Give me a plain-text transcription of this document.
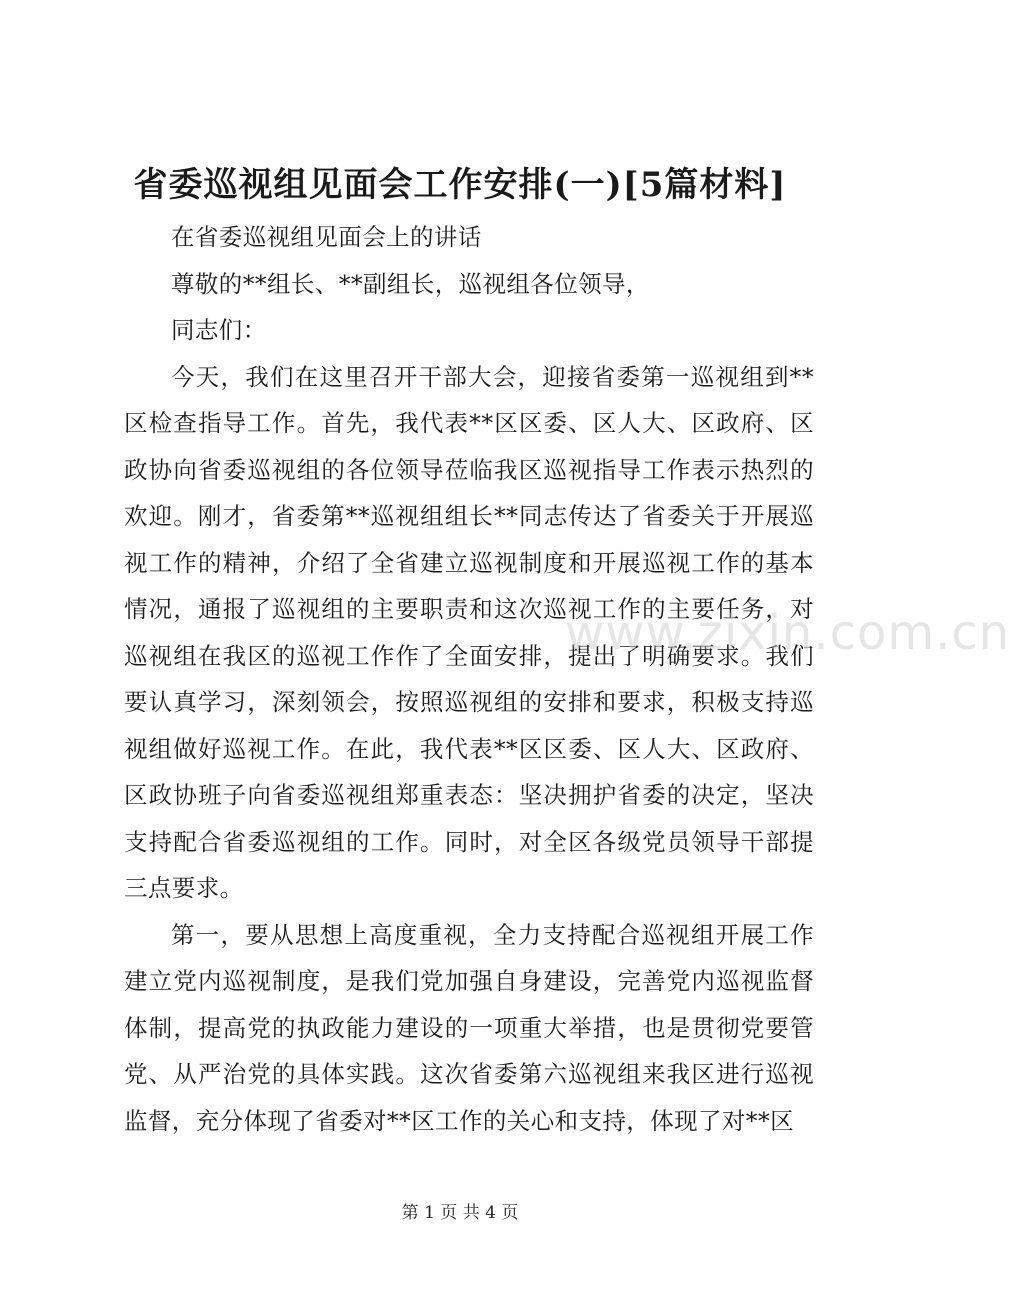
省委巡视组见面会工作安排(一)[5篇材料]

在省委巡视组见面会上的讲话

尊敬的**组长、**副组长，巡视组各位领导，

同志们：

今天，我们在这里召开干部大会，迎接省委第一巡视组到**区检查指导工作。首先，我代表**区区委、区人大、区政府、区政协向省委巡视组的各位领导莅临我区巡视指导工作表示热烈的欢迎。刚才，省委第**巡视组组长**同志传达了省委关于开展巡视工作的精神，介绍了全省建立巡视制度和开展巡视工作的基本情况，通报了巡视组的主要职责和这次巡视工作的主要任务，对巡视组在我区的巡视工作作了全面安排，提出了明确要求。我们要认真学习，深刻领会，按照巡视组的安排和要求，积极支持巡视组做好巡视工作。在此，我代表**区区委、区人大、区政府、区政协班子向省委巡视组郑重表态：坚决拥护省委的决定，坚决支持配合省委巡视组的工作。同时，对全区各级党员领导干部提三点要求。

第一，要从思想上高度重视，全力支持配合巡视组开展工作建立党内巡视制度，是我们党加强自身建设，完善党内巡视监督体制，提高党的执政能力建设的一项重大举措，也是贯彻党要管党、从严治党的具体实践。这次省委第六巡视组来我区进行巡视监督，充分体现了省委对**区工作的关心和支持，体现了对**区

www.zixin.com.cn
第 1 页 共 4 页
